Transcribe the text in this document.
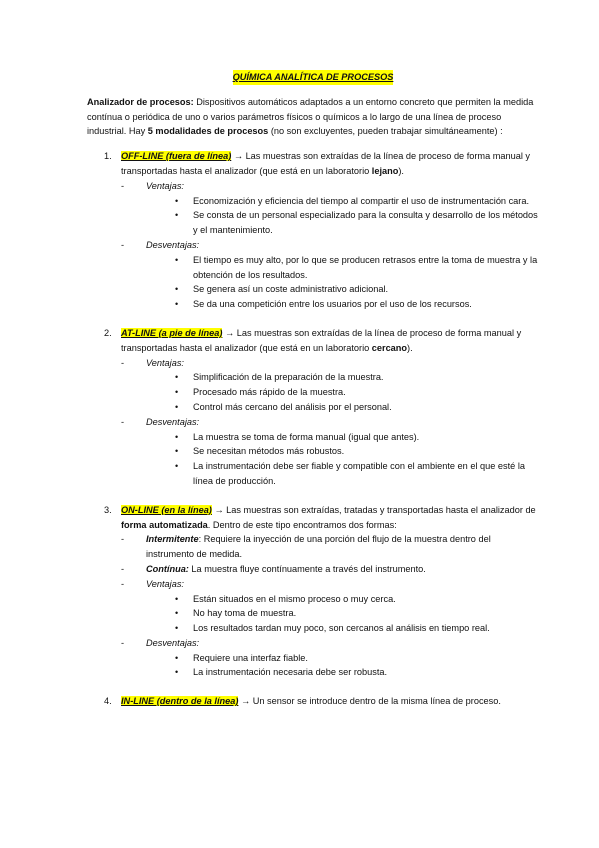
QUÍMICA ANALÍTICA DE PROCESOS

Analizador de procesos: Dispositivos automáticos adaptados a un entorno concreto que permiten la medida contínua o periódica de uno o varios parámetros físicos o químicos a lo largo de una línea de proceso industrial. Hay 5 modalidades de procesos (no son excluyentes, pueden trabajar simultáneamente) :

1. OFF-LINE (fuera de línea) → Las muestras son extraídas de la línea de proceso de forma manual y transportadas hasta el analizador (que está en un laboratorio lejano).
- Ventajas:
• Economización y eficiencia del tiempo al compartir el uso de instrumentación cara.
• Se consta de un personal especializado para la consulta y desarrollo de los métodos y el mantenimiento.
- Desventajas:
• El tiempo es muy alto, por lo que se producen retrasos entre la toma de muestra y la obtención de los resultados.
• Se genera así un coste administrativo adicional.
• Se da una competición entre los usuarios por el uso de los recursos.
2. AT-LINE (a pie de línea) → Las muestras son extraídas de la línea de proceso de forma manual y transportadas hasta el analizador (que está en un laboratorio cercano).
- Ventajas:
• Simplificación de la preparación de la muestra.
• Procesado más rápido de la muestra.
• Control más cercano del análisis por el personal.
- Desventajas:
• La muestra se toma de forma manual (igual que antes).
• Se necesitan métodos más robustos.
• La instrumentación debe ser fiable y compatible con el ambiente en el que esté la línea de producción.
3. ON-LINE (en la línea) → Las muestras son extraídas, tratadas y transportadas hasta el analizador de forma automatizada. Dentro de este tipo encontramos dos formas:
- Intermitente: Requiere la inyección de una porción del flujo de la muestra dentro del instrumento de medida.
- Contínua: La muestra fluye contínuamente a través del instrumento.
- Ventajas:
• Están situados en el mismo proceso o muy cerca.
• No hay toma de muestra.
• Los resultados tardan muy poco, son cercanos al análisis en tiempo real.
- Desventajas:
• Requiere una interfaz fiable.
• La instrumentación necesaria debe ser robusta.
4. IN-LINE (dentro de la línea) → Un sensor se introduce dentro de la misma línea de proceso.
